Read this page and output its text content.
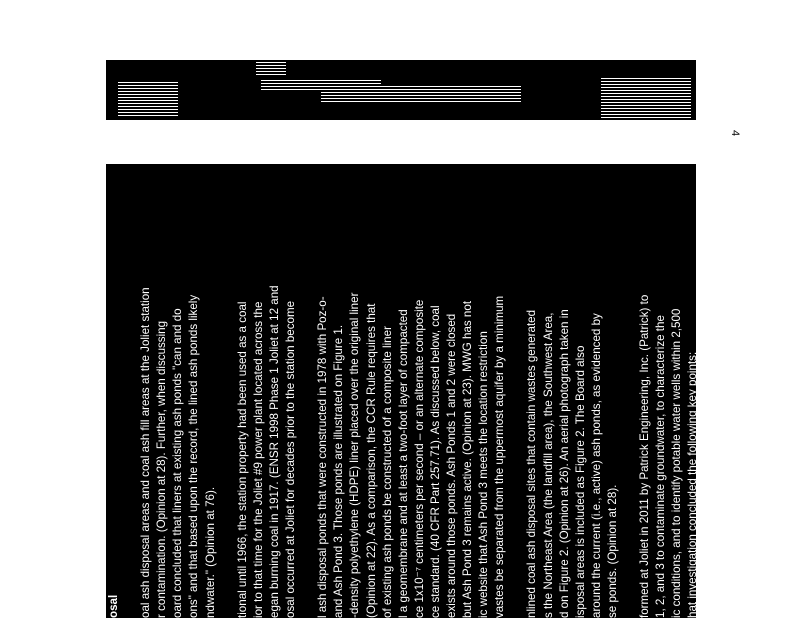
4
osal oal ash disposal areas and coal ash fill areas at the Joliet station r contamination. (Opinion at 28). Further, when discussing oard concluded that liners at existing ash ponds "can and do ons" and that based upon the record, the lined ash ponds likely ndwater." (Opinion at 76). tional until 1966, the station property had been used as a coal ior to that time for the Joliet #9 power plant located across the egan burning coal in 1917. (ENSR 1998 Phase 1 Joliet at 12 and osal occurred at Joliet for decades prior to the station become l ash disposal ponds that were constructed in 1978 with Poz-o- and Ash Pond 3. Those ponds are illustrated on Figure 1. -density polyethylene (HDPE) liner placed over the original liner (Opinion at 22). As a comparison, the CCR Rule requires that of existing ash ponds be constructed of a composite liner l a geomembrane and at least a two-foot layer of compacted ce 1x10⁻⁷ centimeters per second – or an alternate composite ce standard. (40 CFR Part 257.71). As discussed below, coal exists around those ponds. Ash Ponds 1 and 2 were closed but Ash Pond 3 remains active. (Opinion at 23). MWG has not ic website that Ash Pond 3 meets the location restriction vastes be separated from the uppermost aquifer by a minimum nlined coal ash disposal sites that contain wastes generated s the Northeast Area (the landfill area), the Southwest Area, d on Figure 2. (Opinion at 26). An aerial photograph taken in isposal areas is included as Figure 2. The Board also around the current (i.e., active) ash ponds, as evidenced by se ponds. (Opinion at 28). formed at Joliet in 2011 by Patrick Engineering, Inc. (Patrick) to 1, 2, and 3 to contaminate groundwater, to characterize the ic conditions, and to identify potable water wells within 2,500 hat investigation concluded the following key points: e active ash ponds is approximately 10 acres. (Patrick 2011
